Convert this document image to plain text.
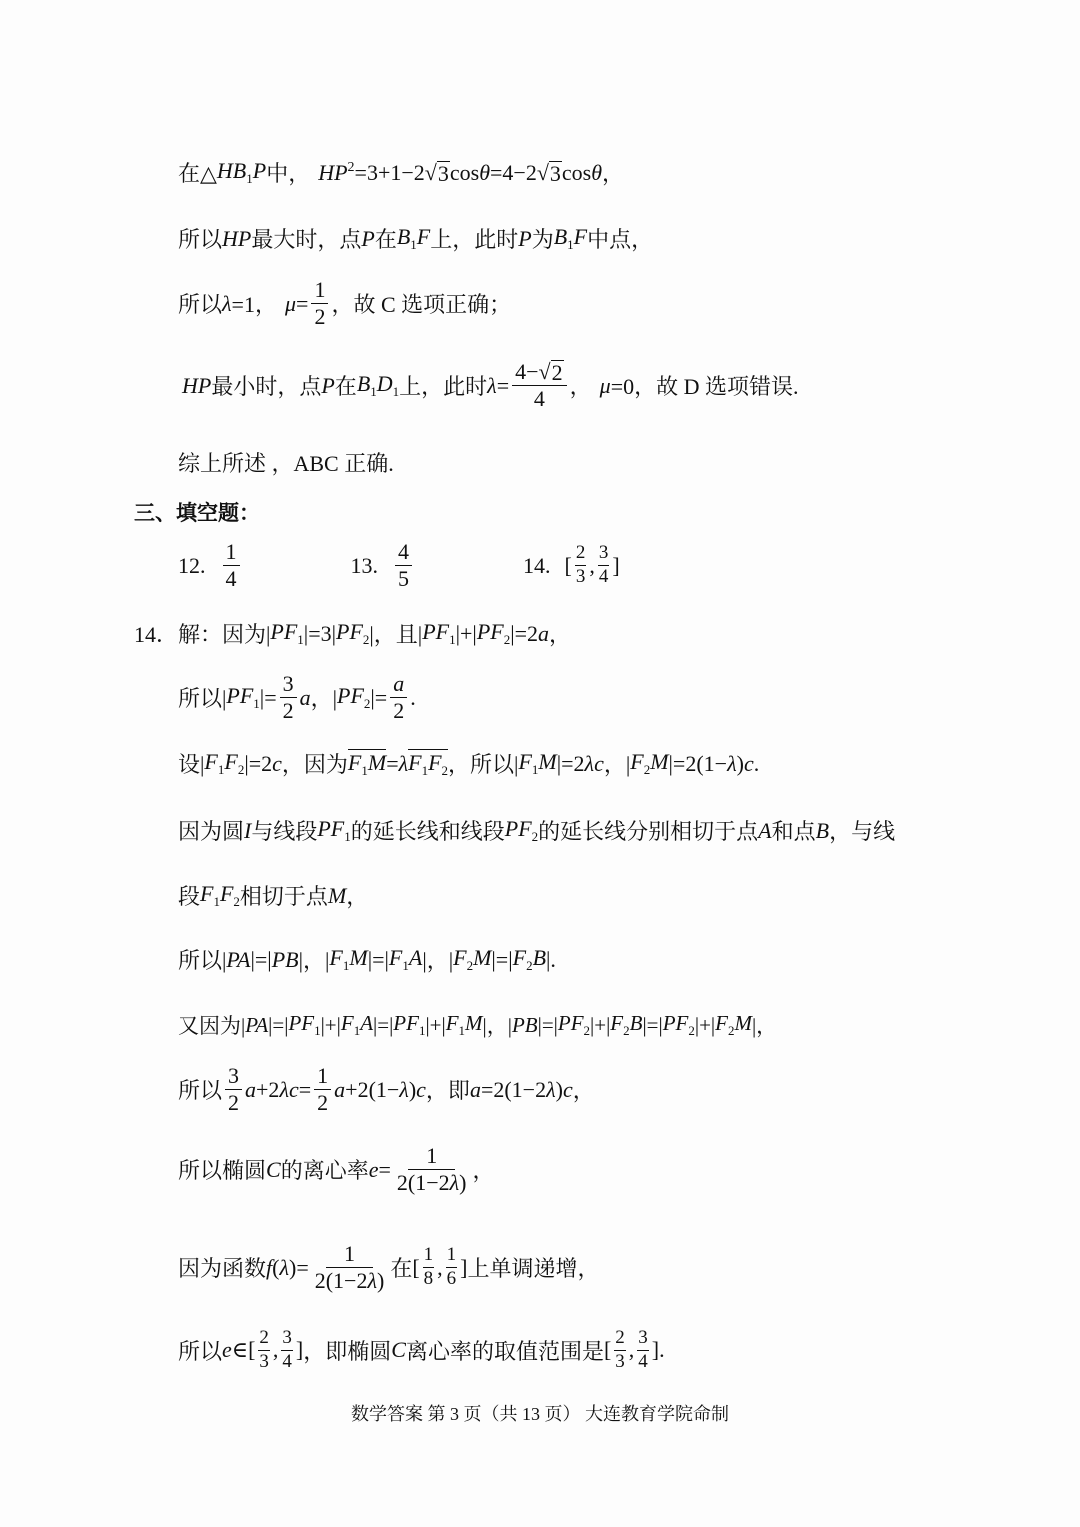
在△ $HB_1P$ 中， $HP^2 =3+1-2$ √ 3 cos θ =4−2 √ 3 cos θ ，
所以 HP 最大时，点 P 在 $B_1F$ 上，此时 P 为 $B_1F$ 中点，
所以 λ =1， $\mu = \frac{1}{2}$ ，故 C 选项正确；
HP 最小时，点 P 在 $B_1D_1$ 上，此时 $\lambda = \frac{4- √ 2}{4}$ ， μ =0，故 D 选项错误.
综上所述 ，ABC 正确.
三、填空题：
12. $\frac{1}{4}$	13. $\frac{4}{5}$	14. [ $\frac{2}{3}$ , $\frac{3}{4}$ ]
14．解：因为| $PF_1$ |=3| $PF_2$ |，且| $PF_1$ |+| $PF_2$ |=2 a ，
所以| $PF_1$ |= $\frac{3}{2}$ a ，| $PF_2$ |= $\frac{a}{2}$ .
设| $F_1F_2$ |=2 c ，因为 $F_1M = \lambda$ $F_1F_2$ ，所以| $F_1M$ |=2 λ c ，| $F_2M$ |=2(1− λ ) c .
因为圆 I 与线段 $PF_1$ 的延长线和线段 $PF_2$ 的延长线分别相切于点 A 和点 B ，与线
段 $F_1F_2$ 相切于点 M ，
所以| PA |=| PB |，| $F_1M$ |=| $F_1A$ |，| $F_2M$ |=| $F_2B$ |.
又因为| PA |=| $PF_1$ |+| $F_1A$ |=| $PF_1$ |+| $F_1M$ |，| PB |=| $PF_2$ |+| $F_2B$ |=| $PF_2$ |+| $F_2M$ |，
所以 $\frac{3}{2}$ a +2 λ $c = \frac{1}{2}$ a +2(1− λ ) c ，即 a =2(1−2 λ ) c ，
所以椭圆 C 的离心率 $e = \frac{1}{2(1-2\lambda)}$ ，
因为函数 f ( λ )= $\frac{1}{2(1-2\lambda)}$ 在 [ $\frac{1}{8}$ , $\frac{1}{6}$ ] 上单调递增，
所以 e ∈ [ $\frac{2}{3}$ , $\frac{3}{4}$ ] ，即椭圆 C 离心率的取值范围是 [ $\frac{2}{3}$ , $\frac{3}{4}$ ] .
数学答案 第 3 页（共 13 页） 大连教育学院命制
